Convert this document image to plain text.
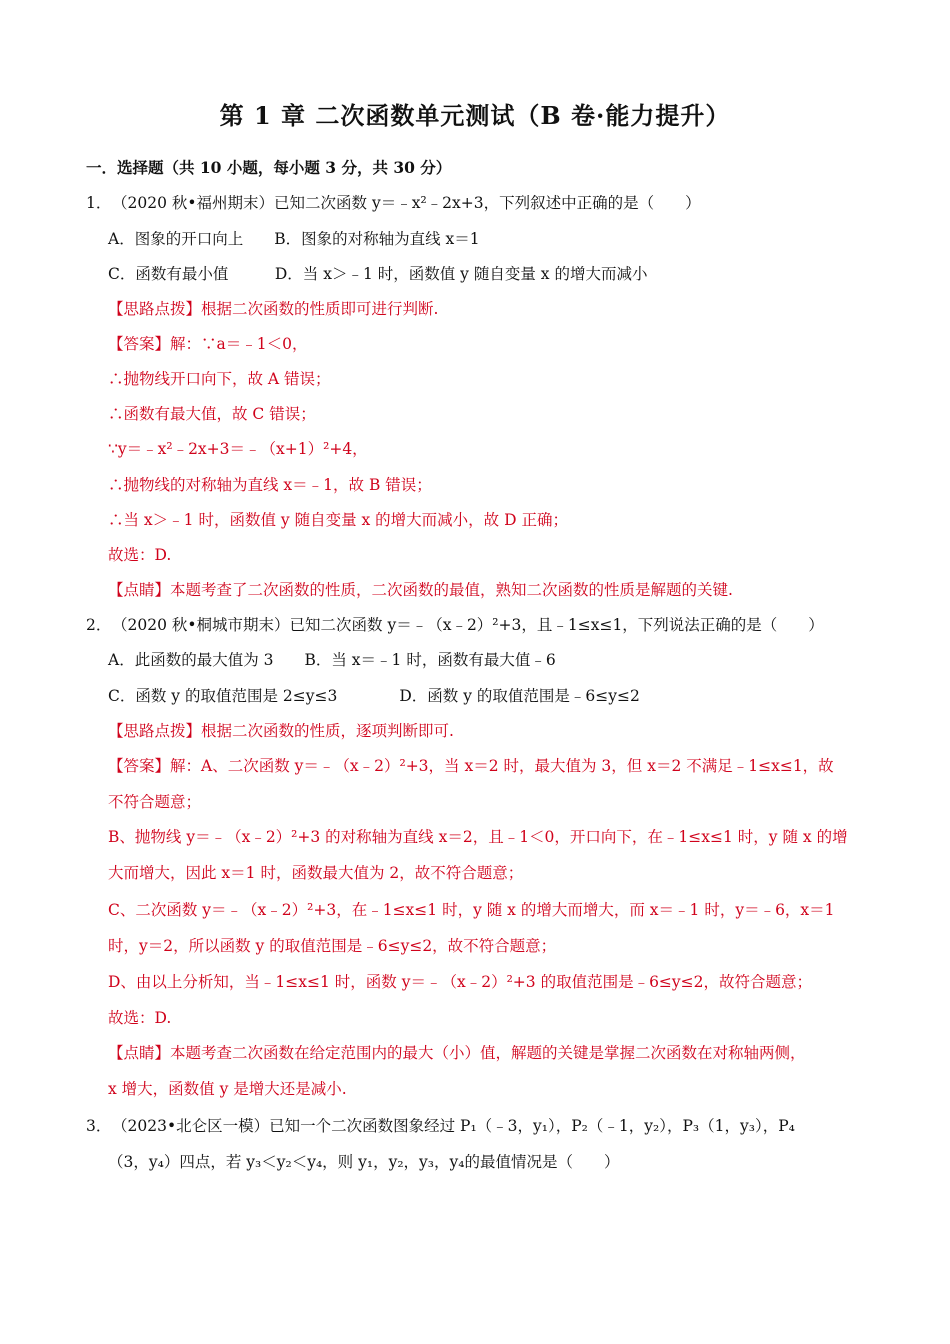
第 1 章 二次函数单元测试（B 卷·能力提升）
一．选择题（共 10 小题，每小题 3 分，共 30 分）
1． （2020 秋•福州期末）已知二次函数 y＝﹣x²﹣2x+3，下列叙述中正确的是（　　）
A．图象的开口向上　　B．图象的对称轴为直线 x＝1
C．函数有最小值　　　D．当 x＞﹣1 时，函数值 y 随自变量 x 的增大而减小
【思路点拨】根据二次函数的性质即可进行判断.
【答案】解：∵a＝﹣1＜0，
∴抛物线开口向下，故 A 错误；
∴函数有最大值，故 C 错误；
∵y＝﹣x²﹣2x+3＝﹣（x+1）²+4，
∴抛物线的对称轴为直线 x＝﹣1，故 B 错误；
∴当 x＞﹣1 时，函数值 y 随自变量 x 的增大而减小，故 D 正确；
故选：D.
【点睛】本题考查了二次函数的性质，二次函数的最值，熟知二次函数的性质是解题的关键.
2． （2020 秋•桐城市期末）已知二次函数 y＝﹣（x﹣2）²+3，且﹣1≤x≤1，下列说法正确的是（　　）
A．此函数的最大值为 3　　B．当 x＝﹣1 时，函数有最大值﹣6
C．函数 y 的取值范围是 2≤y≤3　　　　D．函数 y 的取值范围是﹣6≤y≤2
【思路点拨】根据二次函数的性质，逐项判断即可.
【答案】解：A、二次函数 y＝﹣（x﹣2）²+3，当 x＝2 时，最大值为 3，但 x＝2 不满足﹣1≤x≤1，故
不符合题意；
B、抛物线 y＝﹣（x﹣2）²+3 的对称轴为直线 x＝2，且﹣1＜0，开口向下，在﹣1≤x≤1 时，y 随 x 的增
大而增大，因此 x＝1 时，函数最大值为 2，故不符合题意；
C、二次函数 y＝﹣（x﹣2）²+3，在﹣1≤x≤1 时，y 随 x 的增大而增大，而 x＝﹣1 时，y＝﹣6，x＝1
时，y＝2，所以函数 y 的取值范围是﹣6≤y≤2，故不符合题意；
D、由以上分析知，当﹣1≤x≤1 时，函数 y＝﹣（x﹣2）²+3 的取值范围是﹣6≤y≤2，故符合题意；
故选：D.
【点睛】本题考查二次函数在给定范围内的最大（小）值，解题的关键是掌握二次函数在对称轴两侧，
x 增大，函数值 y 是增大还是减小.
3． （2023•北仑区一模）已知一个二次函数图象经过 P₁（﹣3，y₁），P₂（﹣1，y₂），P₃（1，y₃），P₄
（3，y₄）四点，若 y₃＜y₂＜y₄，则 y₁，y₂，y₃，y₄的最值情况是（　　）
